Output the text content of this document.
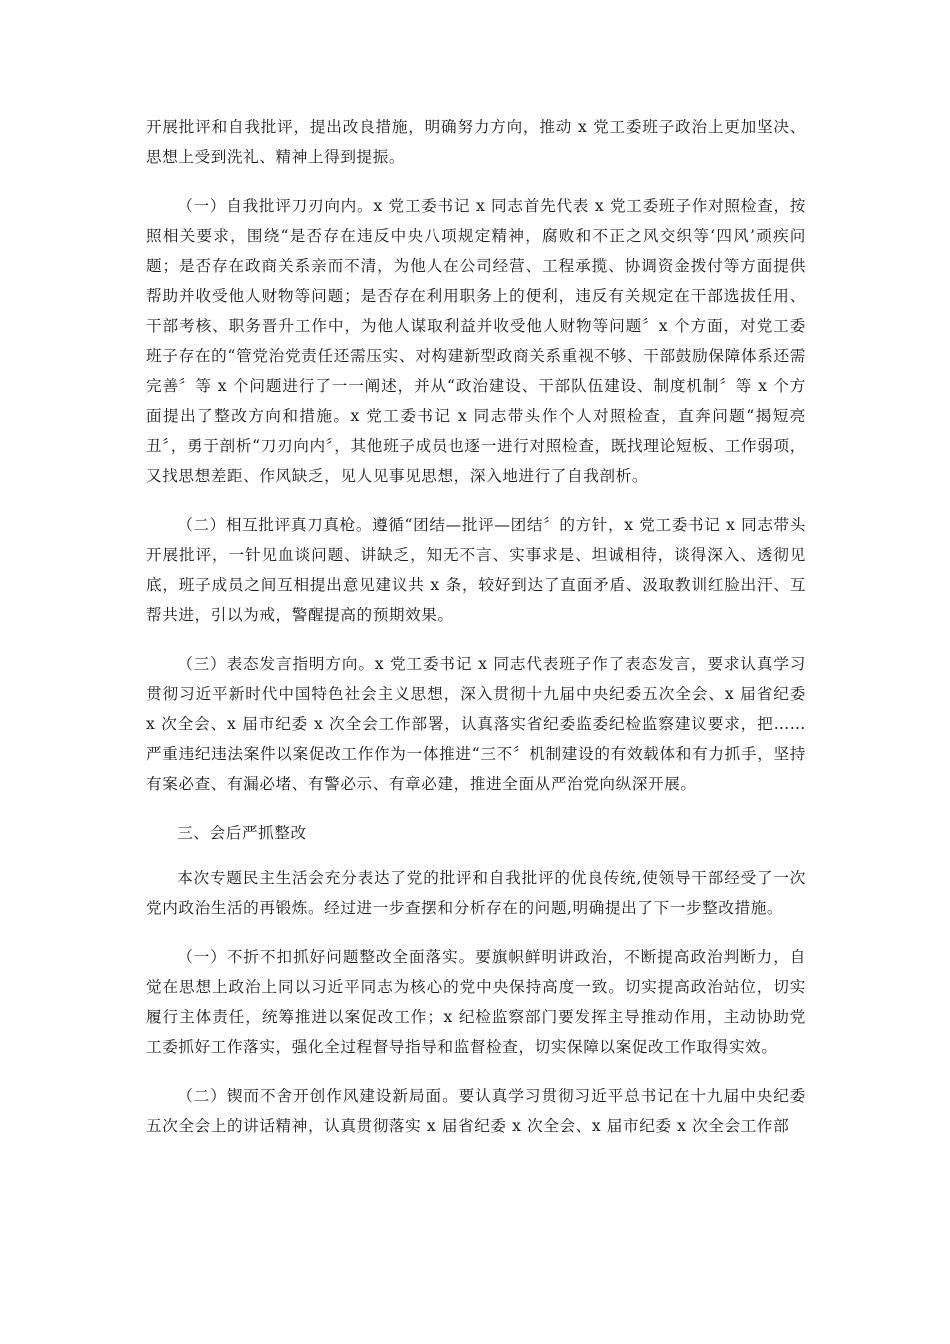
开展批评和自我批评，提出改良措施，明确努力方向，推动 x 党工委班子政治上更加坚决、思想上受到洗礼、精神上得到提振。

（一）自我批评刀刃向内。x 党工委书记 x 同志首先代表 x 党工委班子作对照检查，按照相关要求，围绕“是否存在违反中央八项规定精神，腐败和不正之风交织等‘四风’顽疾问题；是否存在政商关系亲而不清，为他人在公司经营、工程承揽、协调资金拨付等方面提供帮助并收受他人财物等问题；是否存在利用职务上的便利，违反有关规定在干部选拔任用、干部考核、职务晋升工作中，为他人谋取利益并收受他人财物等问题〞x 个方面，对党工委班子存在的“管党治党责任还需压实、对构建新型政商关系重视不够、干部鼓励保障体系还需完善〞等 x 个问题进行了一一阐述，并从“政治建设、干部队伍建设、制度机制〞等 x 个方面提出了整改方向和措施。x 党工委书记 x 同志带头作个人对照检查，直奔问题“揭短亮丑〞，勇于剖析“刀刃向内〞，其他班子成员也逐一进行对照检查，既找理论短板、工作弱项，又找思想差距、作风缺乏，见人见事见思想，深入地进行了自我剖析。

（二）相互批评真刀真枪。遵循“团结—批评—团结〞的方针，x 党工委书记 x 同志带头开展批评，一针见血谈问题、讲缺乏，知无不言、实事求是、坦诚相待，谈得深入、透彻见底，班子成员之间互相提出意见建议共 x 条，较好到达了直面矛盾、汲取教训红脸出汗、互帮共进，引以为戒，警醒提高的预期效果。

（三）表态发言指明方向。x 党工委书记 x 同志代表班子作了表态发言，要求认真学习贯彻习近平新时代中国特色社会主义思想，深入贯彻十九届中央纪委五次全会、x 届省纪委 x 次全会、x 届市纪委 x 次全会工作部署，认真落实省纪委监委纪检监察建议要求，把……严重违纪违法案件以案促改工作作为一体推进“三不〞机制建设的有效载体和有力抓手，坚持有案必查、有漏必堵、有警必示、有章必建，推进全面从严治党向纵深开展。

三、会后严抓整改

本次专题民主生活会充分表达了党的批评和自我批评的优良传统,使领导干部经受了一次党内政治生活的再锻炼。经过进一步查摆和分析存在的问题,明确提出了下一步整改措施。

（一）不折不扣抓好问题整改全面落实。要旗帜鲜明讲政治，不断提高政治判断力，自觉在思想上政治上同以习近平同志为核心的党中央保持高度一致。切实提高政治站位，切实履行主体责任，统筹推进以案促改工作；x 纪检监察部门要发挥主导推动作用，主动协助党工委抓好工作落实，强化全过程督导指导和监督检查，切实保障以案促改工作取得实效。

（二）锲而不舍开创作风建设新局面。要认真学习贯彻习近平总书记在十九届中央纪委五次全会上的讲话精神，认真贯彻落实 x 届省纪委 x 次全会、x 届市纪委 x 次全会工作部
